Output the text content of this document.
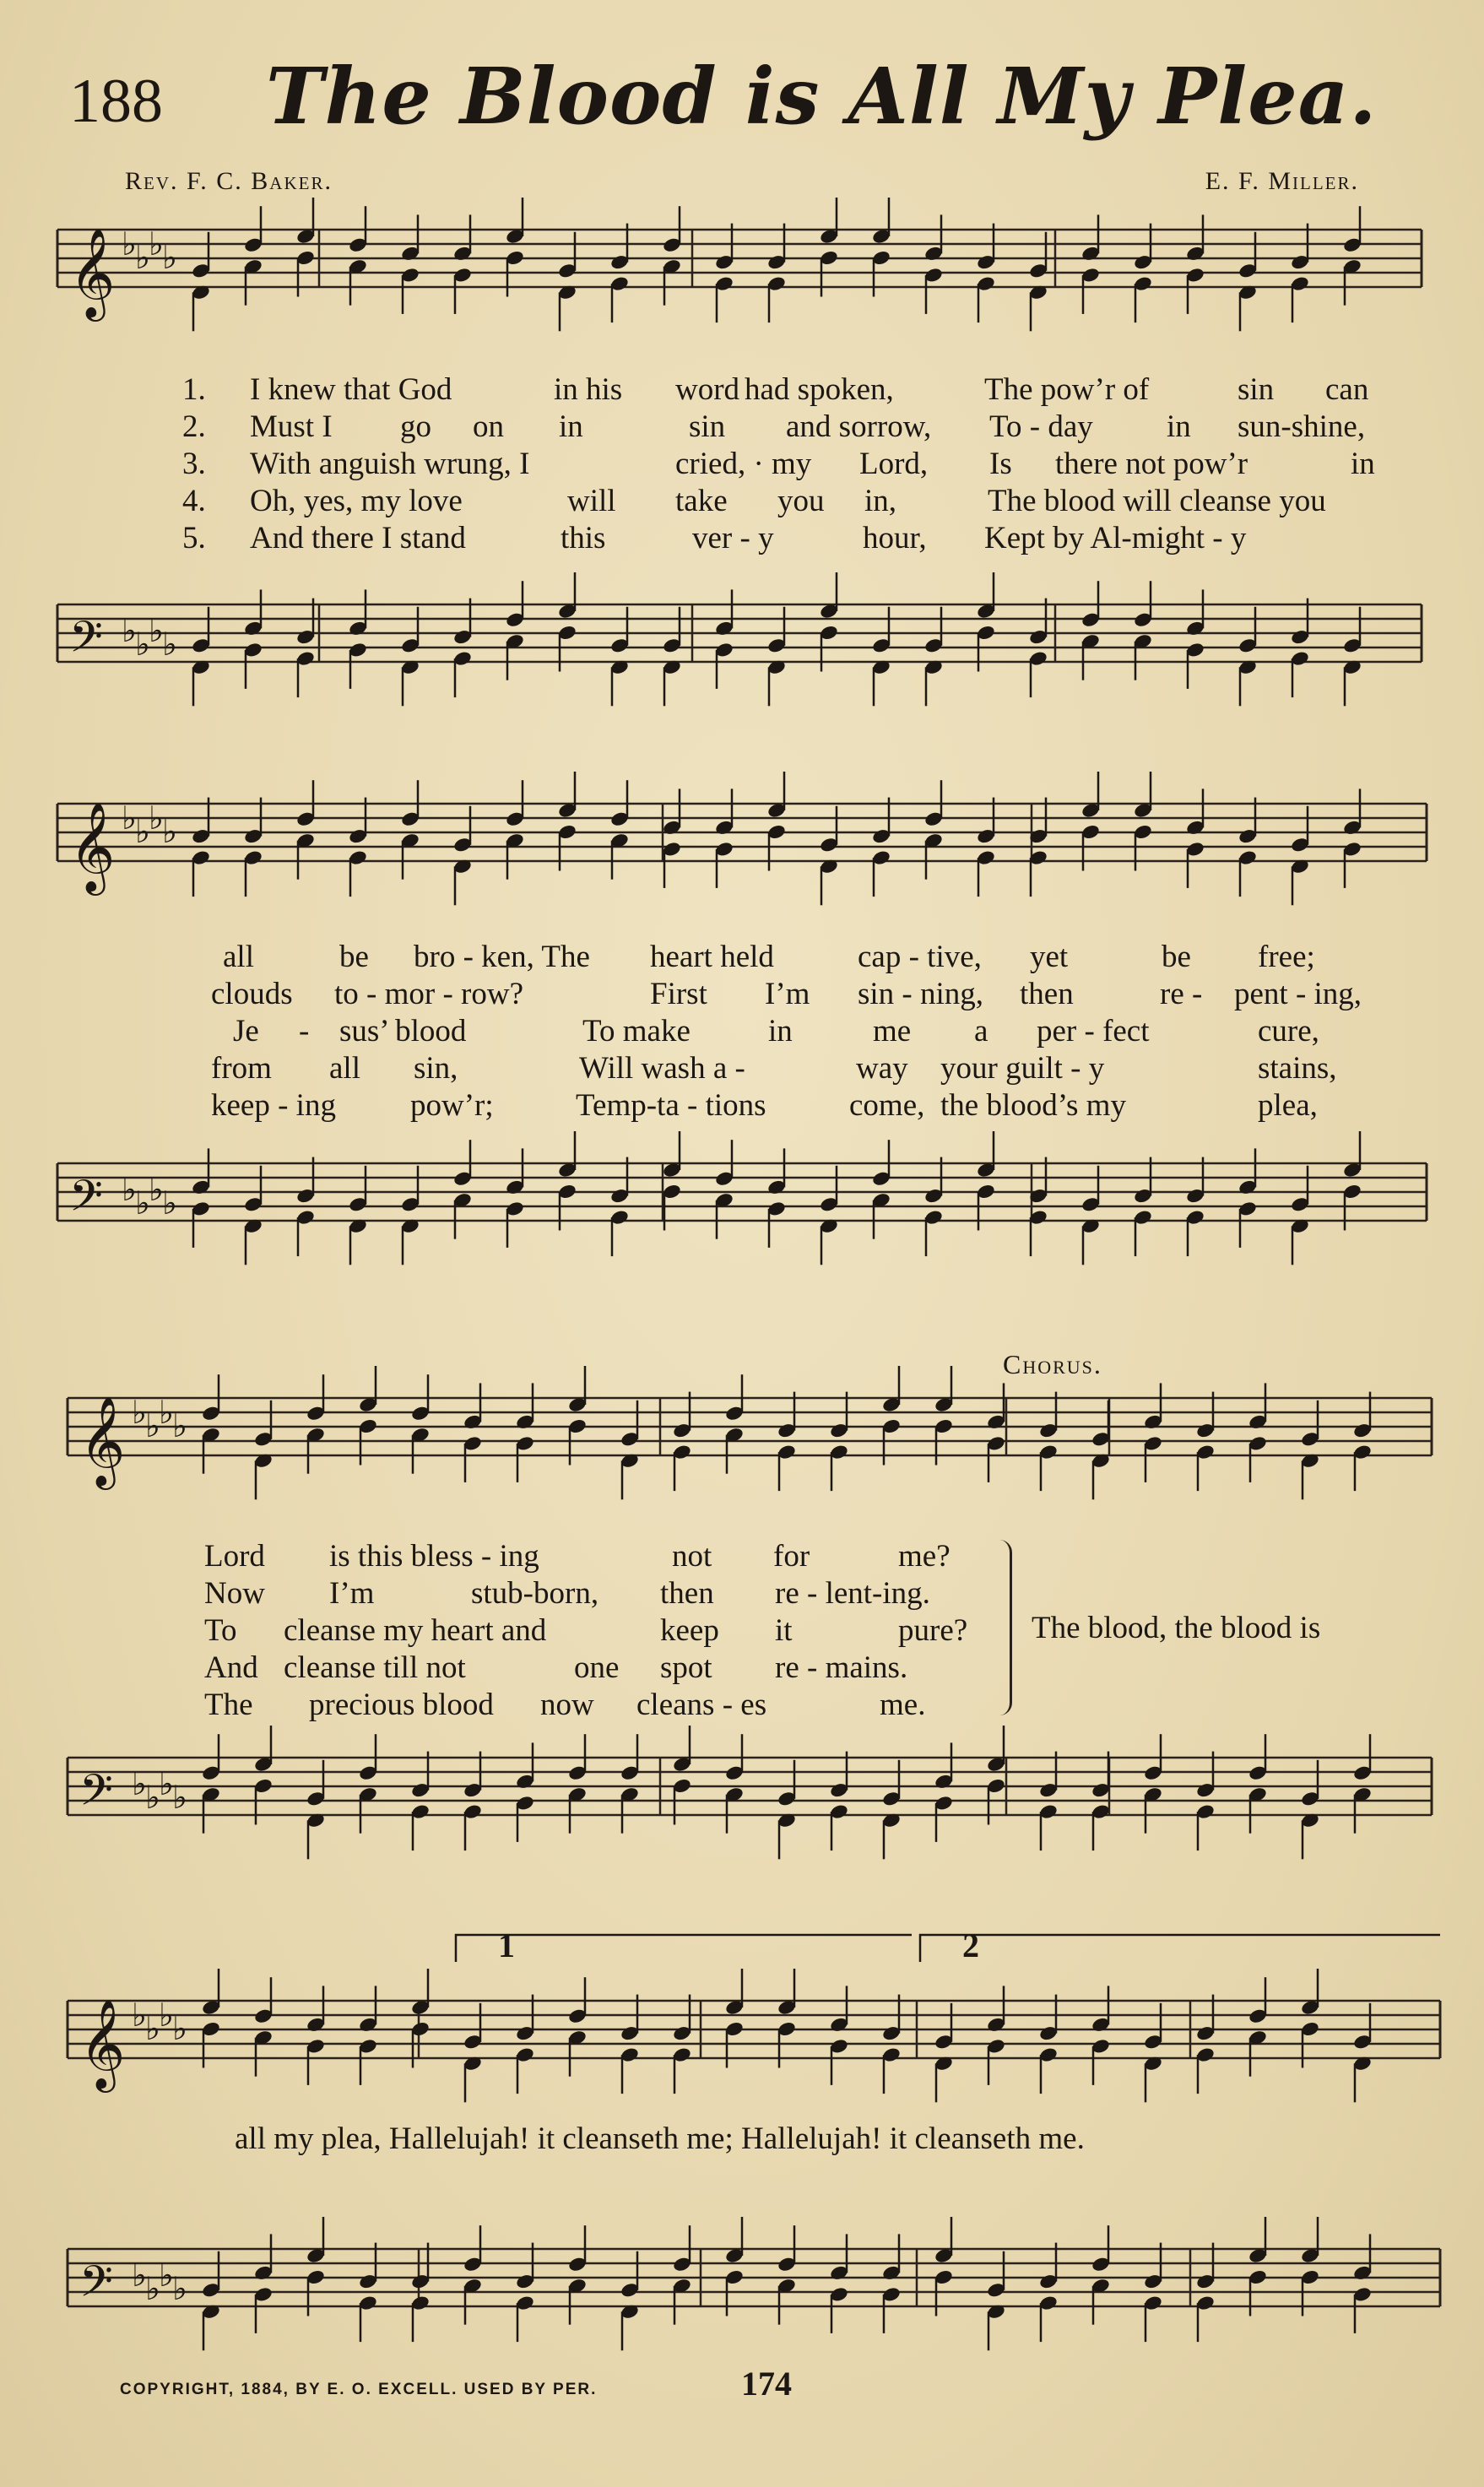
188 The Blood is All My Plea.
Rev. F. C. Baker.	E. F. Miller.
𝄞 ♭
♭
♭
♭
𝄢 ♭
♭
♭
♭
𝄞 ♭
♭
♭
♭
𝄢 ♭
♭
♭
♭
𝄞 ♭
♭
♭
♭
𝄢 ♭
♭
♭
♭
𝄞 ♭
♭
♭
♭
𝄢 ♭
♭
♭
♭
1	2
1. I knew that God	in his word had spoken,	The pow’r of	sin can
2. Must I go on in	sin and sorrow, To - day in sun-shine,
3. With anguish wrung, I	cried, · my Lord, Is there not pow’r	in
4. Oh, yes, my love	will take you in,	The blood will cleanse you
5. And there I stand	this	ver - y	hour, Kept by Al-might - y
all	be bro - ken, The heart held	cap - tive, yet	be free;
clouds to - mor - row?	First I’m sin - ning, then	re - pent - ing,
Je - sus’ blood	To make in	me a per - fect	cure,
from all sin,	Will wash a -	way your guilt - y	stains,
keep - ing pow’r;	Temp-ta - tions	come, the blood’s my	plea,
Lord is this bless - ing	not for	me?
Now I’m	stub-born, then re - lent-ing.
To cleanse my heart and	keep it	pure?
And cleanse till not	one spot re - mains.
The precious blood now cleans - es	me.
Chorus.
The blood, the blood is
all my plea, Hallelujah! it cleanseth me; Hallelujah! it cleanseth me.
COPYRIGHT, 1884, BY E. O. EXCELL. USED BY PER.	174
